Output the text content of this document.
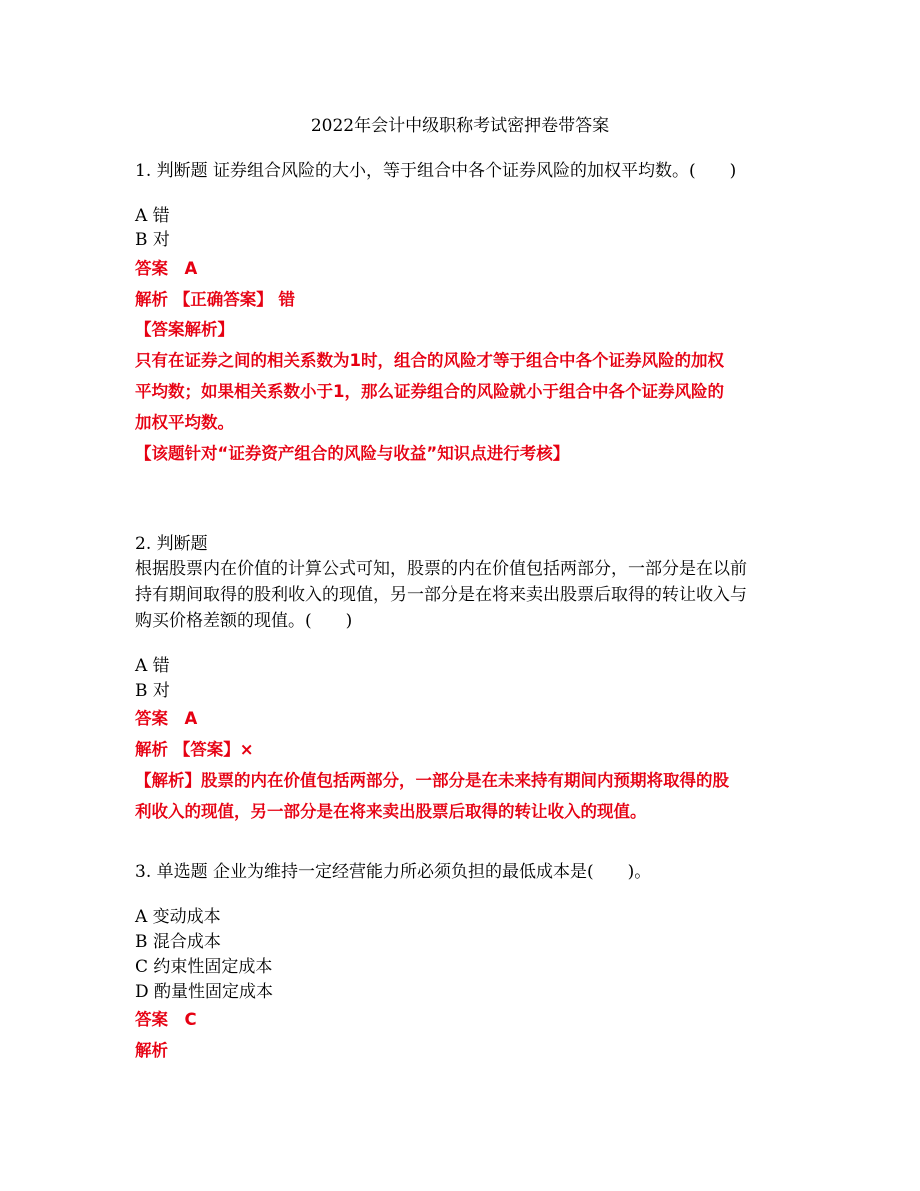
2022年会计中级职称考试密押卷带答案
1. 判断题 证券组合风险的大小，等于组合中各个证券风险的加权平均数。(　　)
A 错
B 对
答案　A
解析 【正确答案】 错
【答案解析】
只有在证券之间的相关系数为1时，组合的风险才等于组合中各个证券风险的加权
平均数；如果相关系数小于1，那么证券组合的风险就小于组合中各个证券风险的
加权平均数。
【该题针对“证券资产组合的风险与收益”知识点进行考核】
2. 判断题
根据股票内在价值的计算公式可知，股票的内在价值包括两部分，一部分是在以前
持有期间取得的股利收入的现值，另一部分是在将来卖出股票后取得的转让收入与
购买价格差额的现值。(　　)
A 错
B 对
答案　A
解析 【答案】×
【解析】股票的内在价值包括两部分，一部分是在未来持有期间内预期将取得的股
利收入的现值，另一部分是在将来卖出股票后取得的转让收入的现值。
3. 单选题 企业为维持一定经营能力所必须负担的最低成本是(　　)。
A 变动成本
B 混合成本
C 约束性固定成本
D 酌量性固定成本
答案　C
解析
